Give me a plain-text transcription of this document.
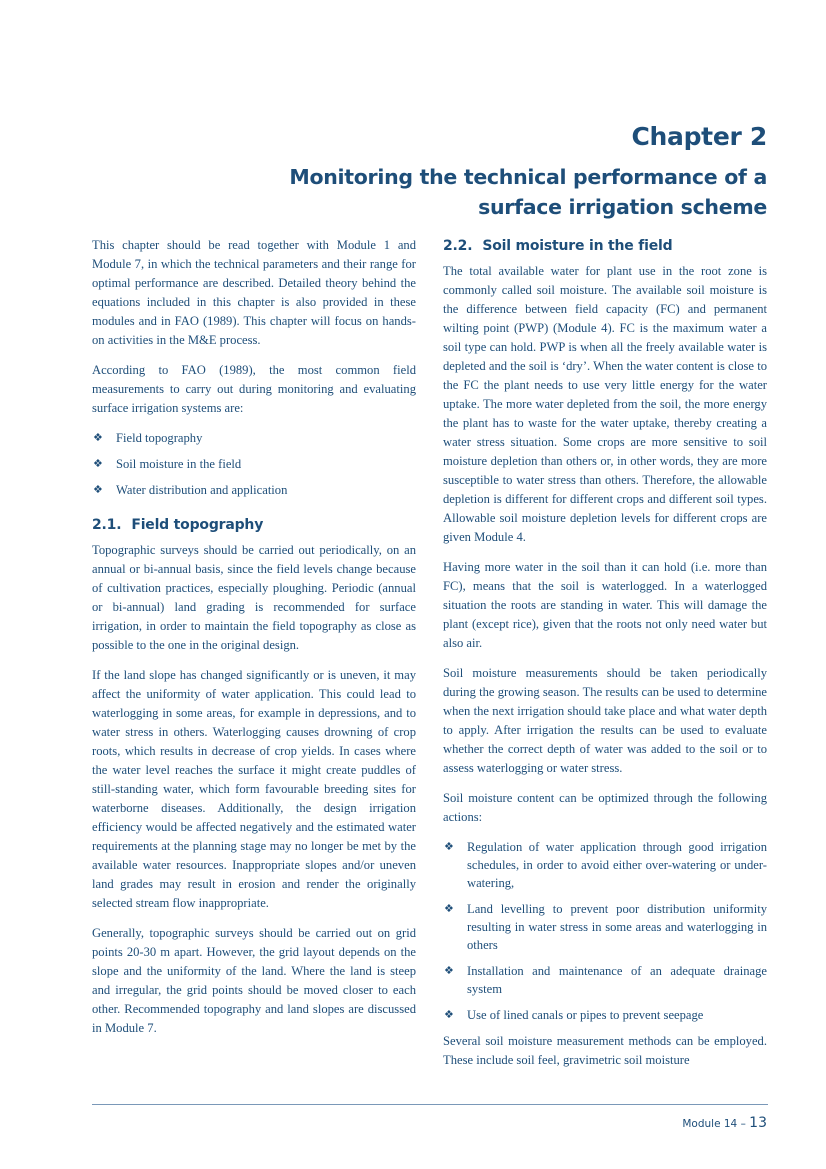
Chapter 2
Monitoring the technical performance of a surface irrigation scheme

This chapter should be read together with Module 1 and Module 7, in which the technical parameters and their range for optimal performance are described. Detailed theory behind the equations included in this chapter is also provided in these modules and in FAO (1989). This chapter will focus on hands-on activities in the M&E process.

According to FAO (1989), the most common field measurements to carry out during monitoring and evaluating surface irrigation systems are:

❖ Field topography
❖ Soil moisture in the field
❖ Water distribution and application
2.1. Field topography

Topographic surveys should be carried out periodically, on an annual or bi-annual basis, since the field levels change because of cultivation practices, especially ploughing. Periodic (annual or bi-annual) land grading is recommended for surface irrigation, in order to maintain the field topography as close as possible to the one in the original design.

If the land slope has changed significantly or is uneven, it may affect the uniformity of water application. This could lead to waterlogging in some areas, for example in depressions, and to water stress in others. Waterlogging causes drowning of crop roots, which results in decrease of crop yields. In cases where the water level reaches the surface it might create puddles of still-standing water, which form favourable breeding sites for waterborne diseases. Additionally, the design irrigation efficiency would be affected negatively and the estimated water requirements at the planning stage may no longer be met by the available water resources. Inappropriate slopes and/or uneven land grades may result in erosion and render the originally selected stream flow inappropriate.

Generally, topographic surveys should be carried out on grid points 20-30 m apart. However, the grid layout depends on the slope and the uniformity of the land. Where the land is steep and irregular, the grid points should be moved closer to each other. Recommended topography and land slopes are discussed in Module 7.

2.2. Soil moisture in the field

The total available water for plant use in the root zone is commonly called soil moisture. The available soil moisture is the difference between field capacity (FC) and permanent wilting point (PWP) (Module 4). FC is the maximum water a soil type can hold. PWP is when all the freely available water is depleted and the soil is ‘dry’. When the water content is close to the FC the plant needs to use very little energy for the water uptake. The more water depleted from the soil, the more energy the plant has to waste for the water uptake, thereby creating a water stress situation. Some crops are more sensitive to soil moisture depletion than others or, in other words, they are more susceptible to water stress than others. Therefore, the allowable depletion is different for different crops and different soil types. Allowable soil moisture depletion levels for different crops are given Module 4.

Having more water in the soil than it can hold (i.e. more than FC), means that the soil is waterlogged. In a waterlogged situation the roots are standing in water. This will damage the plant (except rice), given that the roots not only need water but also air.

Soil moisture measurements should be taken periodically during the growing season. The results can be used to determine when the next irrigation should take place and what water depth to apply. After irrigation the results can be used to evaluate whether the correct depth of water was added to the soil or to assess waterlogging or water stress.

Soil moisture content can be optimized through the following actions:

❖ Regulation of water application through good irrigation schedules, in order to avoid either over-watering or under-watering,
❖ Land levelling to prevent poor distribution uniformity resulting in water stress in some areas and waterlogging in others
❖ Installation and maintenance of an adequate drainage system
❖ Use of lined canals or pipes to prevent seepage

Several soil moisture measurement methods can be employed. These include soil feel, gravimetric soil moisture

Module 14 – 13
